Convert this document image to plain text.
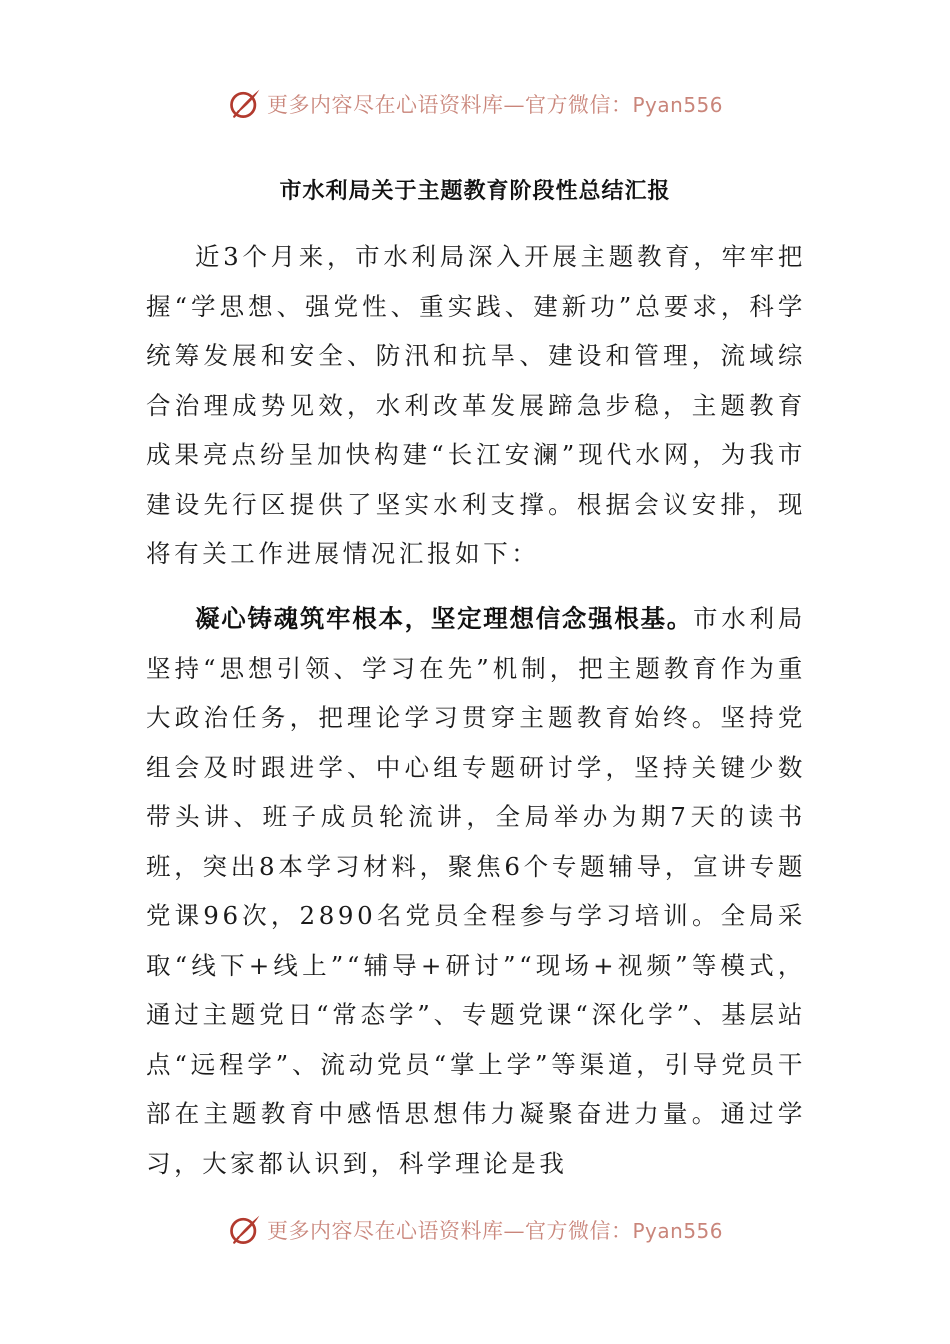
更多内容尽在心语资料库—官方微信：Pyan556
市水利局关于主题教育阶段性总结汇报

近3个月来，市水利局深入开展主题教育，牢牢把握“学思想、强党性、重实践、建新功”总要求，科学统筹发展和安全、防汛和抗旱、建设和管理，流域综合治理成势见效，水利改革发展蹄急步稳，主题教育成果亮点纷呈加快构建“长江安澜”现代水网，为我市建设先行区提供了坚实水利支撑。根据会议安排，现将有关工作进展情况汇报如下：

凝心铸魂筑牢根本，坚定理想信念强根基。市水利局坚持“思想引领、学习在先”机制，把主题教育作为重大政治任务，把理论学习贯穿主题教育始终。坚持党组会及时跟进学、中心组专题研讨学，坚持关键少数带头讲、班子成员轮流讲，全局举办为期7天的读书班，突出8本学习材料，聚焦6个专题辅导，宣讲专题党课96次，2890名党员全程参与学习培训。全局采取“线下+线上”“辅导+研讨”“现场+视频”等模式，通过主题党日“常态学”、专题党课“深化学”、基层站点“远程学”、流动党员“掌上学”等渠道，引导党员干部在主题教育中感悟思想伟力凝聚奋进力量。通过学习，大家都认识到，科学理论是我

更多内容尽在心语资料库—官方微信：Pyan556
